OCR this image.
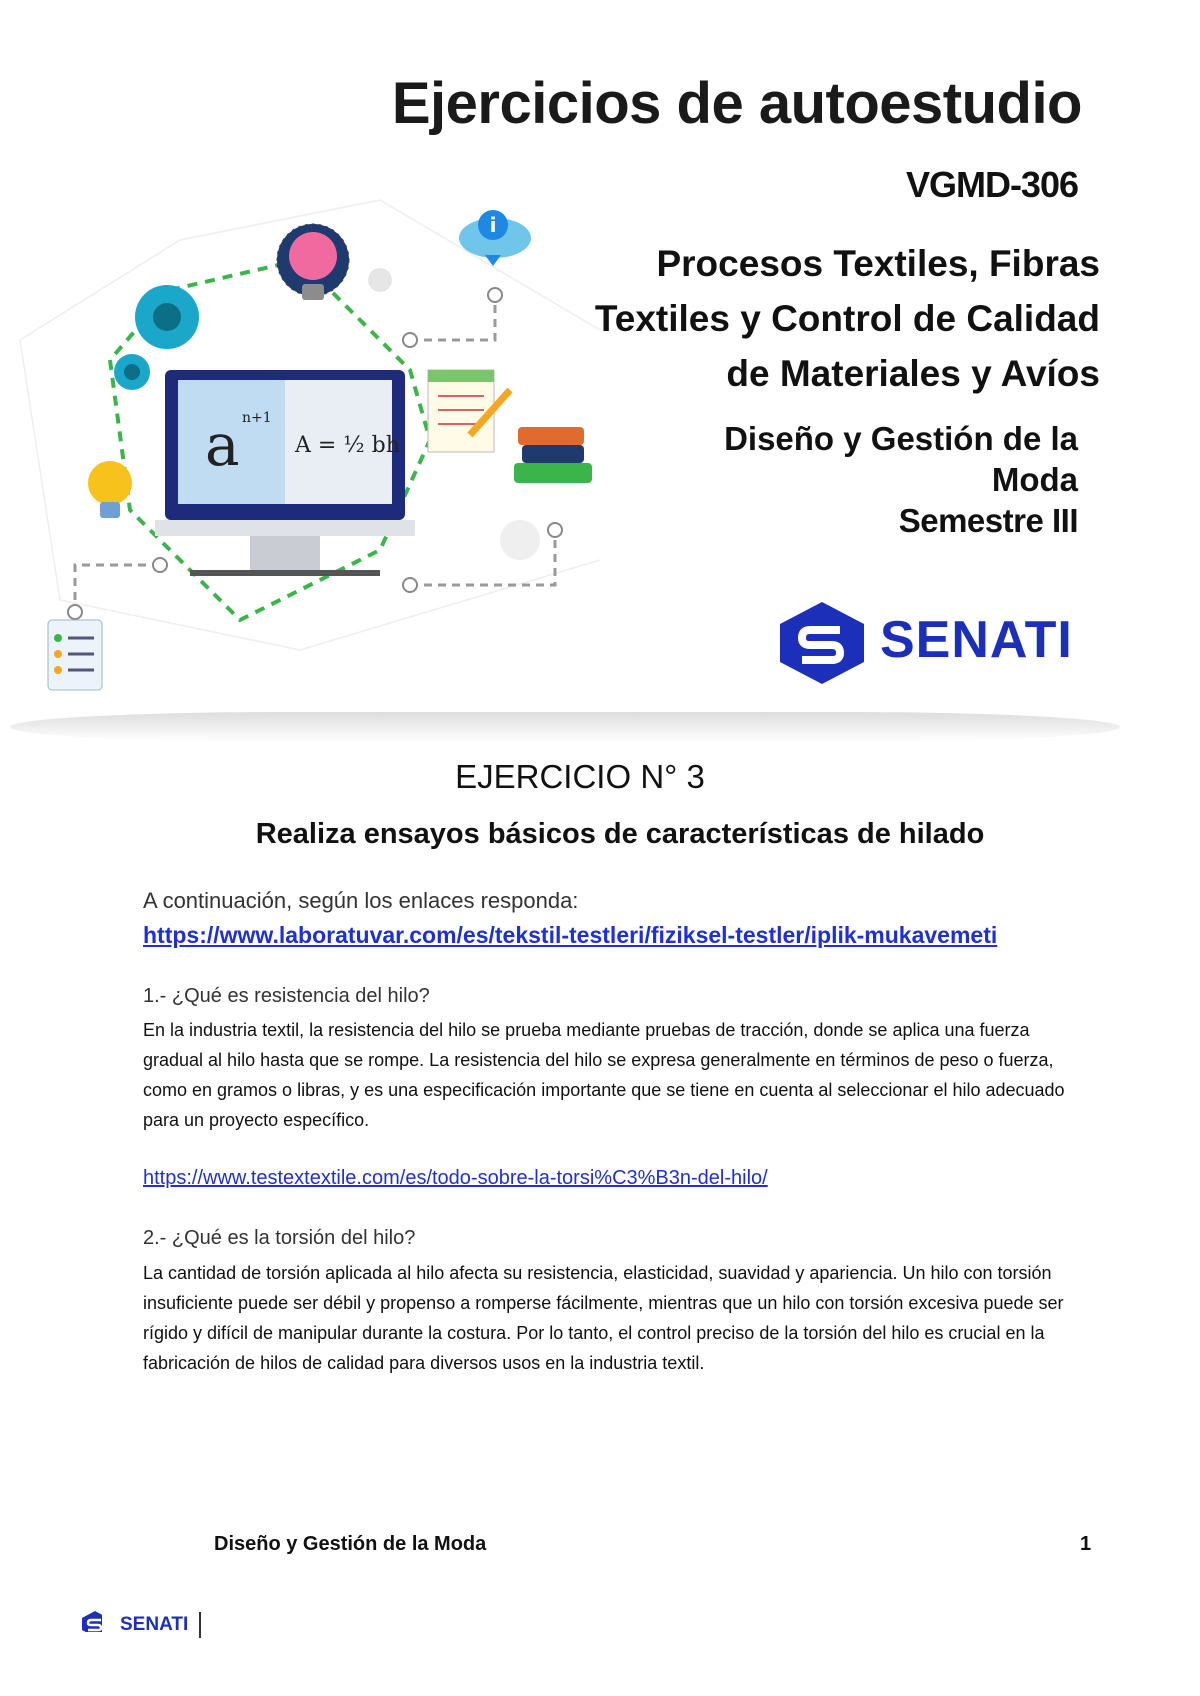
i
a n+1
A = ½ bh
Ejercicios de autoestudio
VGMD-306
Procesos Textiles, Fibras
Textiles y Control de Calidad
de Materiales y Avíos
Diseño y Gestión de la
Moda
Semestre III
SENATI
EJERCICIO N° 3
Realiza ensayos básicos de características de hilado
A continuación, según los enlaces responda:
https://www.laboratuvar.com/es/tekstil-testleri/fiziksel-testler/iplik-mukavemeti
1.- ¿Qué es resistencia del hilo?
En la industria textil, la resistencia del hilo se prueba mediante pruebas de tracción, donde se aplica una fuerza gradual al hilo hasta que se rompe. La resistencia del hilo se expresa generalmente en términos de peso o fuerza, como en gramos o libras, y es una especificación importante que se tiene en cuenta al seleccionar el hilo adecuado para un proyecto específico.
https://www.testextextile.com/es/todo-sobre-la-torsi%C3%B3n-del-hilo/
2.- ¿Qué es la torsión del hilo?
La cantidad de torsión aplicada al hilo afecta su resistencia, elasticidad, suavidad y apariencia. Un hilo con torsión insuficiente puede ser débil y propenso a romperse fácilmente, mientras que un hilo con torsión excesiva puede ser rígido y difícil de manipular durante la costura. Por lo tanto, el control preciso de la torsión del hilo es crucial en la fabricación de hilos de calidad para diversos usos en la industria textil.
Diseño y Gestión de la Moda	1
SENATI
